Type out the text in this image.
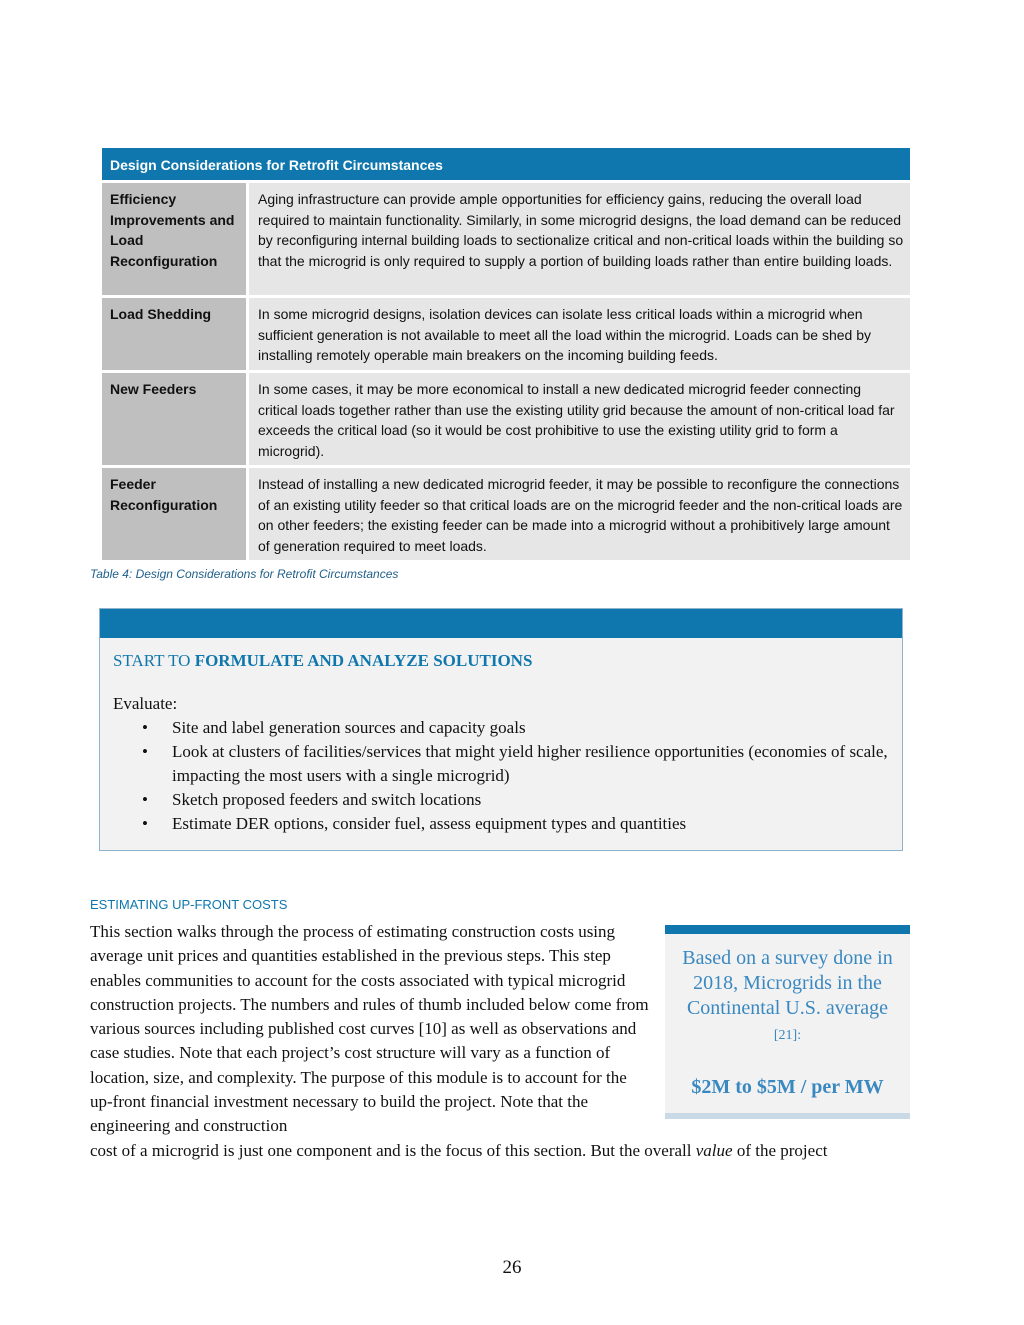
Design Considerations for Retrofit Circumstances
Efficiency Improvements and Load Reconfiguration
Aging infrastructure can provide ample opportunities for efficiency gains, reducing the overall load required to maintain functionality. Similarly, in some microgrid designs, the load demand can be reduced by reconfiguring internal building loads to sectionalize critical and non-critical loads within the building so that the microgrid is only required to supply a portion of building loads rather than entire building loads.
Load Shedding	In some microgrid designs, isolation devices can isolate less critical loads within a microgrid when sufficient generation is not available to meet all the load within the microgrid. Loads can be shed by installing remotely operable main breakers on the incoming building feeds.
New Feeders	In some cases, it may be more economical to install a new dedicated microgrid feeder connecting critical loads together rather than use the existing utility grid because the amount of non-critical load far exceeds the critical load (so it would be cost prohibitive to use the existing utility grid to form a microgrid).
Feeder Reconfiguration
Instead of installing a new dedicated microgrid feeder, it may be possible to reconfigure the connections of an existing utility feeder so that critical loads are on the microgrid feeder and the non-critical loads are on other feeders; the existing feeder can be made into a microgrid without a prohibitively large amount of generation required to meet loads.
Table 4: Design Considerations for Retrofit Circumstances
START TO FORMULATE AND ANALYZE SOLUTIONS
Evaluate:
• Site and label generation sources and capacity goals
• Look at clusters of facilities/services that might yield higher resilience opportunities (economies of scale, impacting the most users with a single microgrid)
• Sketch proposed feeders and switch locations
• Estimate DER options, consider fuel, assess equipment types and quantities
ESTIMATING UP-FRONT COSTS
This section walks through the process of estimating construction costs using average unit prices and quantities established in the previous steps. This step enables communities to account for the costs associated with typical microgrid construction projects. The numbers and rules of thumb included below come from various sources including published cost curves [10] as well as observations and case studies. Note that each project’s cost structure will vary as a function of location, size, and complexity. The purpose of this module is to account for the up-front financial investment necessary to build the project. Note that the engineering and construction
cost of a microgrid is just one component and is the focus of this section. But the overall value of the project
Based on a survey done in 2018, Microgrids in the Continental U.S. average [21]:
$2M to $5M / per MW
26
